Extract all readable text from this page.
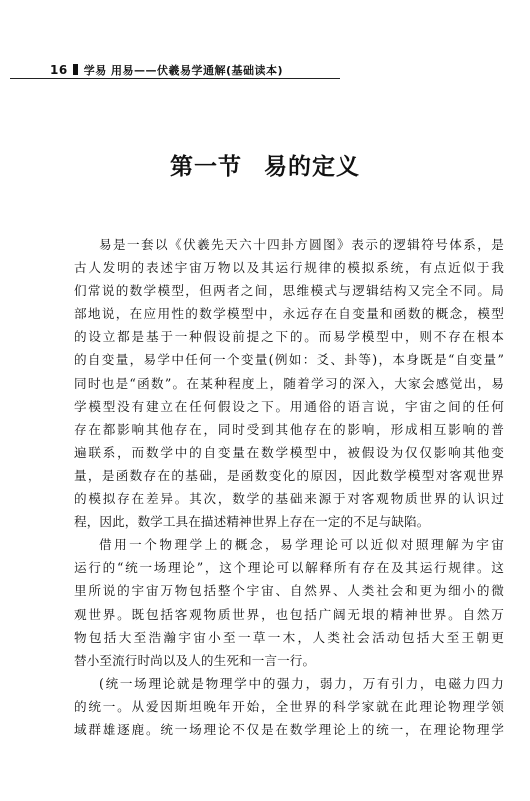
16 学易 用易——伏羲易学通解(基础读本)
第一节 易的定义
易是一套以《伏羲先天六十四卦方圆图》表示的逻辑符号体系，是
古人发明的表述宇宙万物以及其运行规律的模拟系统，有点近似于我
们常说的数学模型，但两者之间，思维模式与逻辑结构又完全不同。局
部地说，在应用性的数学模型中，永远存在自变量和函数的概念，模型
的设立都是基于一种假设前提之下的。而易学模型中，则不存在根本
的自变量，易学中任何一个变量(例如：爻、卦等)，本身既是“自变量”
同时也是“函数”。在某种程度上，随着学习的深入，大家会感觉出，易
学模型没有建立在任何假设之下。用通俗的语言说，宇宙之间的任何
存在都影响其他存在，同时受到其他存在的影响，形成相互影响的普
遍联系，而数学中的自变量在数学模型中，被假设为仅仅影响其他变
量，是函数存在的基础，是函数变化的原因，因此数学模型对客观世界
的模拟存在差异。其次，数学的基础来源于对客观物质世界的认识过
程，因此，数学工具在描述精神世界上存在一定的不足与缺陷。
借用一个物理学上的概念，易学理论可以近似对照理解为宇宙
运行的“统一场理论”，这个理论可以解释所有存在及其运行规律。这
里所说的宇宙万物包括整个宇宙、自然界、人类社会和更为细小的微
观世界。既包括客观物质世界，也包括广阔无垠的精神世界。自然万
物包括大至浩瀚宇宙小至一草一木，人类社会活动包括大至王朝更
替小至流行时尚以及人的生死和一言一行。
(统一场理论就是物理学中的强力，弱力，万有引力，电磁力四力
的统一。从爱因斯坦晚年开始，全世界的科学家就在此理论物理学领
域群雄逐鹿。统一场理论不仅是在数学理论上的统一，在理论物理学
